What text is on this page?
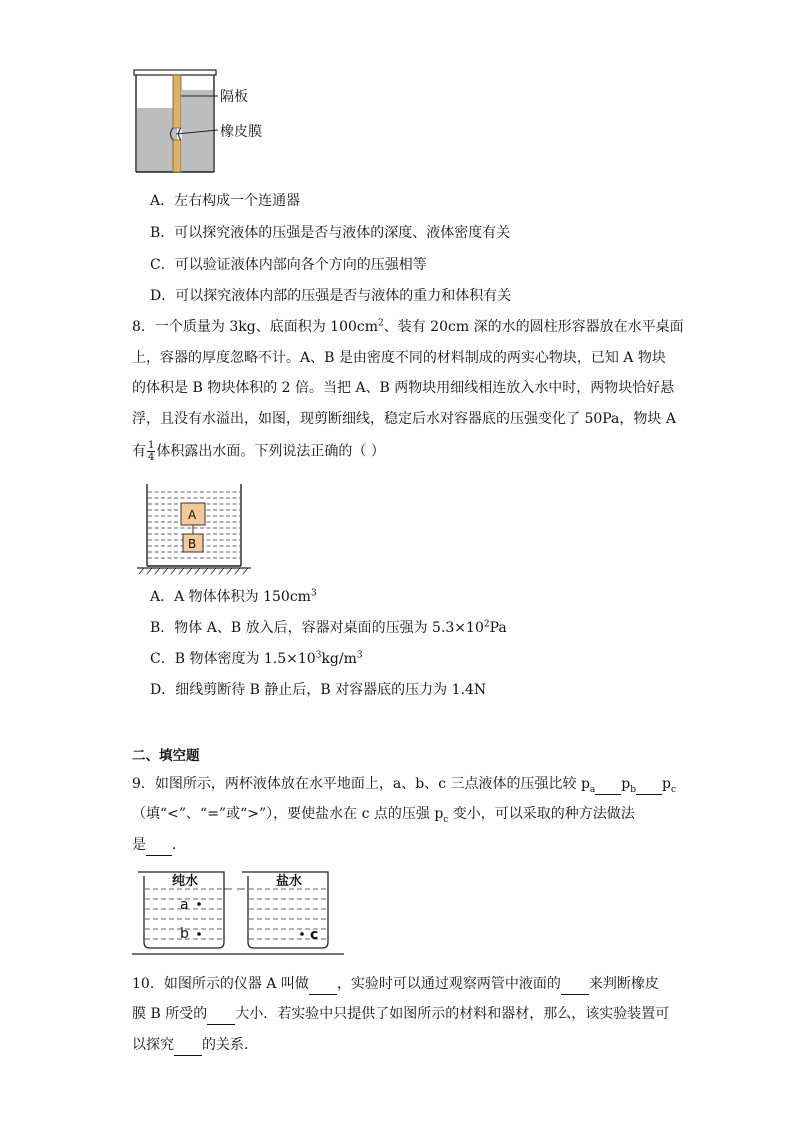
隔板
橡皮膜
A．左右构成一个连通器
B．可以探究液体的压强是否与液体的深度、液体密度有关
C．可以验证液体内部向各个方向的压强相等
D．可以探究液体内部的压强是否与液体的重力和体积有关
8．一个质量为 3kg、底面积为 $100cm^2$、装有 20cm 深的水的圆柱形容器放在水平桌面
上，容器的厚度忽略不计。A、B 是由密度不同的材料制成的两实心物块，已知 A 物块
的体积是 B 物块体积的 2 倍。当把 A、B 两物块用细线相连放入水中时，两物块恰好悬
浮，且没有水溢出，如图，现剪断细线，稳定后水对容器底的压强变化了 50Pa，物块 A
有 $\frac{1}{4}$ 体积露出水面。下列说法正确的（ ）
A
B
A．A 物体体积为 $150cm^3$
B．物体 A、B 放入后，容器对桌面的压强为 $5.3\times 10^2Pa$
C．B 物体密度为 $1.5\times 10^3kg/m^3$
D．细线剪断待 B 静止后，B 对容器底的压力为 1.4N
二、填空题
9．如图所示，两杯液体放在水平地面上，a、b、c 三点液体的压强比较 $p_a$ $p_b$ $p_c$
（填“<”、“=”或“>”），要使盐水在 c 点的压强 $p_c$ 变小，可以采取的种方法做法
是 ．
纯水	盐水
a
b	c
10．如图所示的仪器 A 叫做 ，实验时可以通过观察两管中液面的 来判断橡皮
膜 B 所受的 大小．若实验中只提供了如图所示的材料和器材，那么，该实验装置可
以探究 的关系．
